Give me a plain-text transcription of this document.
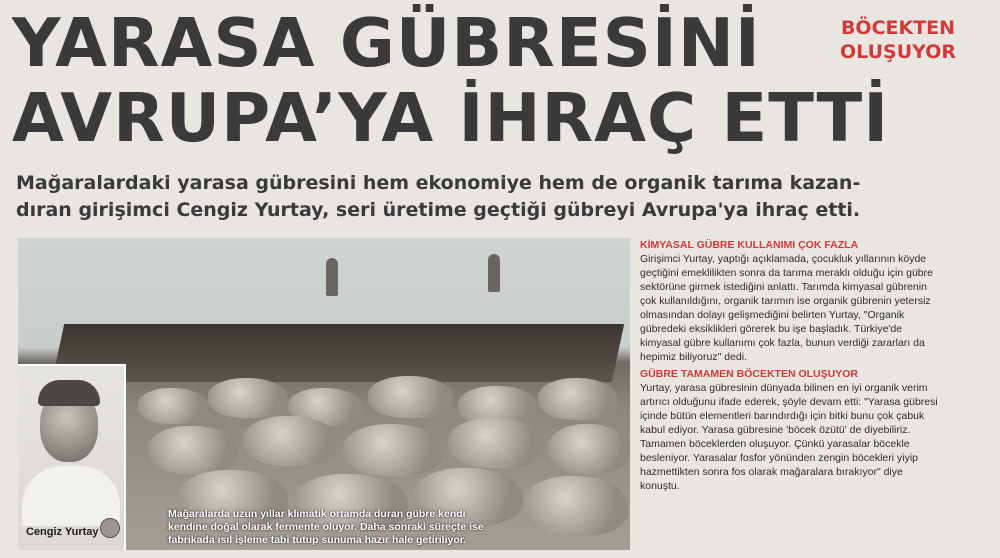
YARASA GÜBRESİNİ
AVRUPA’YA İHRAÇ ETTİ
BÖCEKTEN
OLUŞUYOR
Mağaralardaki yarasa gübresini hem ekonomiye hem de organik tarıma kazan-
dıran girişimci Cengiz Yurtay, seri üretime geçtiği gübreyi Avrupa'ya ihraç etti.
Cengiz Yurtay
Mağaralarda uzun yıllar klimatik ortamda duran gübre kendi
kendine doğal olarak fermente oluyor. Daha sonraki süreçte ise
fabrikada ısıl işleme tabi tutup sunuma hazır hale getiriliyor.

KİMYASAL GÜBRE KULLANIMI ÇOK FAZLA

Girişimci Yurtay, yaptığı açıklamada, çocukluk yıllarının köyde geçtiğini emeklilikten sonra da tarıma meraklı olduğu için gübre sektörüne girmek istediğini anlattı. Tarımda kimyasal gübrenin çok kullanıldığını, organik tarımın ise organik gübrenin yetersiz olmasından dolayı gelişmediğini belirten Yurtay, "Organik gübredeki eksiklikleri görerek bu işe başladık. Türkiye'de kimyasal gübre kullanımı çok fazla, bunun verdiği zararları da hepimiz biliyoruz" dedi.

GÜBRE TAMAMEN BÖCEKTEN OLUŞUYOR

Yurtay, yarasa gübresinin dünyada bilinen en iyi organik verim artırıcı olduğunu ifade ederek, şöyle devam etti: "Yarasa gübresi içinde bütün elementleri barındırdığı için bitki bunu çok çabuk kabul ediyor. Yarasa gübresine 'böcek özütü' de diyebiliriz. Tamamen böceklerden oluşuyor. Çünkü yarasalar böcekle besleniyor. Yarasalar fosfor yönünden zengin böcekleri yiyip hazmettikten sonra fos olarak mağaralara bırakıyor" diye konuştu.
